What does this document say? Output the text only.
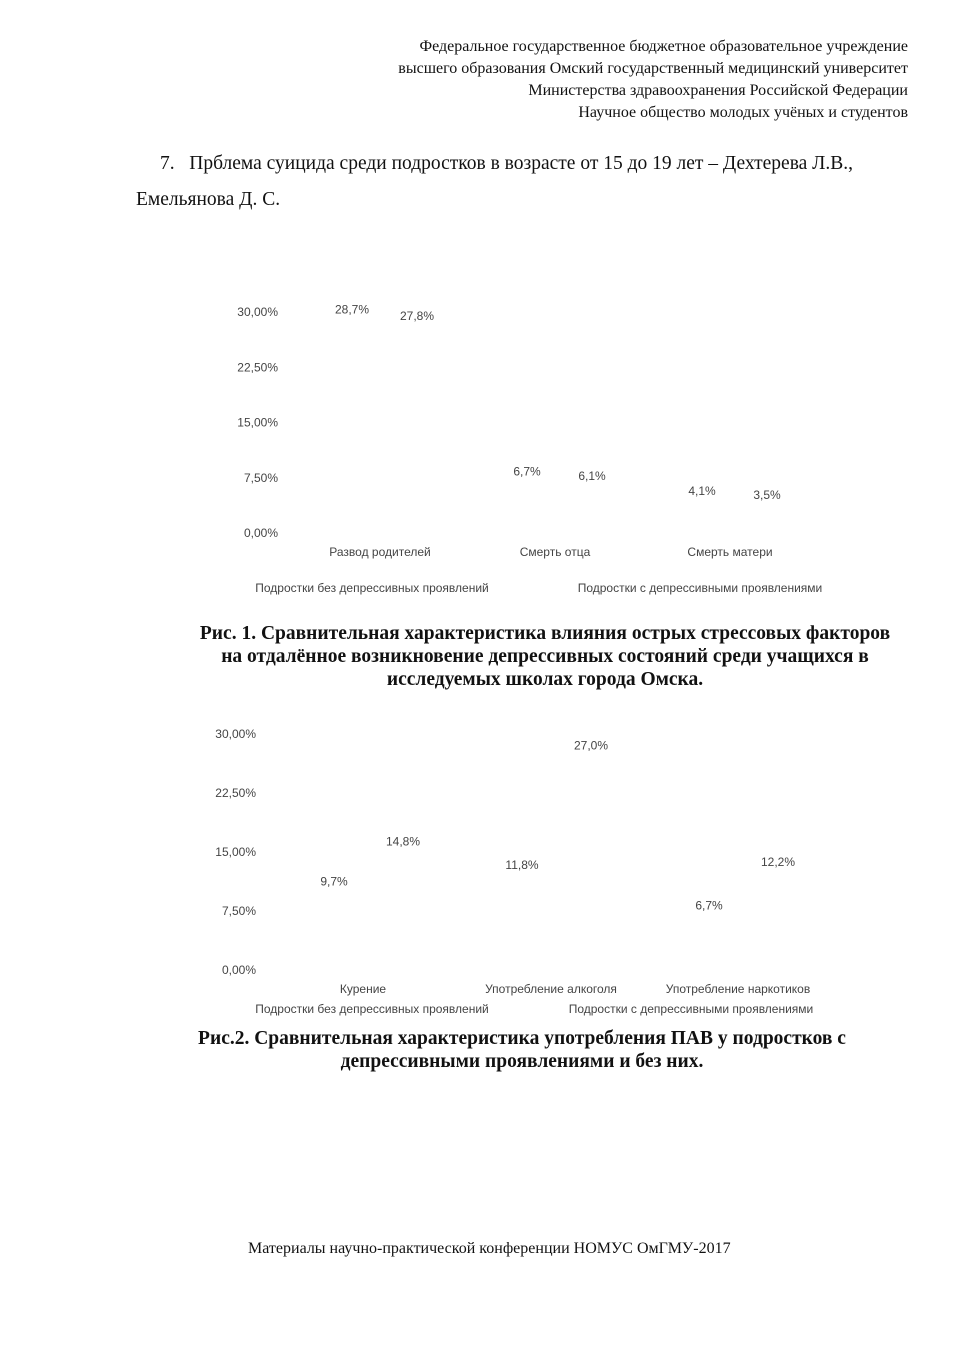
Федеральное государственное бюджетное образовательное учреждение
высшего образования Омский государственный медицинский университет
Министерства здравоохранения Российской Федерации
Научное общество молодых учёных и студентов
7. Прблема суицида среди подростков в возрасте от 15 до 19 лет – Дехтерева Л.В., Емельянова Д. С.
0,00%
7,50%
15,00%
22,50%
30,00%	28,7%
6,7%
4,1%
27,8%
6,1%
3,5%
Развод родителей	Смерть отца	Смерть матери
Подростки без депрессивных проявлений	Подростки с депрессивными проявлениями
Рис. 1. Сравнительная характеристика влияния острых стрессовых факторов на отдалённое возникновение депрессивных состояний среди учащихся в исследуемых школах города Омска.
0,00%
7,50%
15,00%
22,50%
30,00%
9,7%
11,8%
6,7%
14,8%
27,0%
12,2%
Курение	Употребление алкоголя	Употребление наркотиков
Подростки без депрессивных проявлений	Подростки с депрессивными проявлениями
Рис.2. Сравнительная характеристика употребления ПАВ у подростков с депрессивными проявлениями и без них.
Материалы научно-практической конференции НОМУС ОмГМУ-2017
